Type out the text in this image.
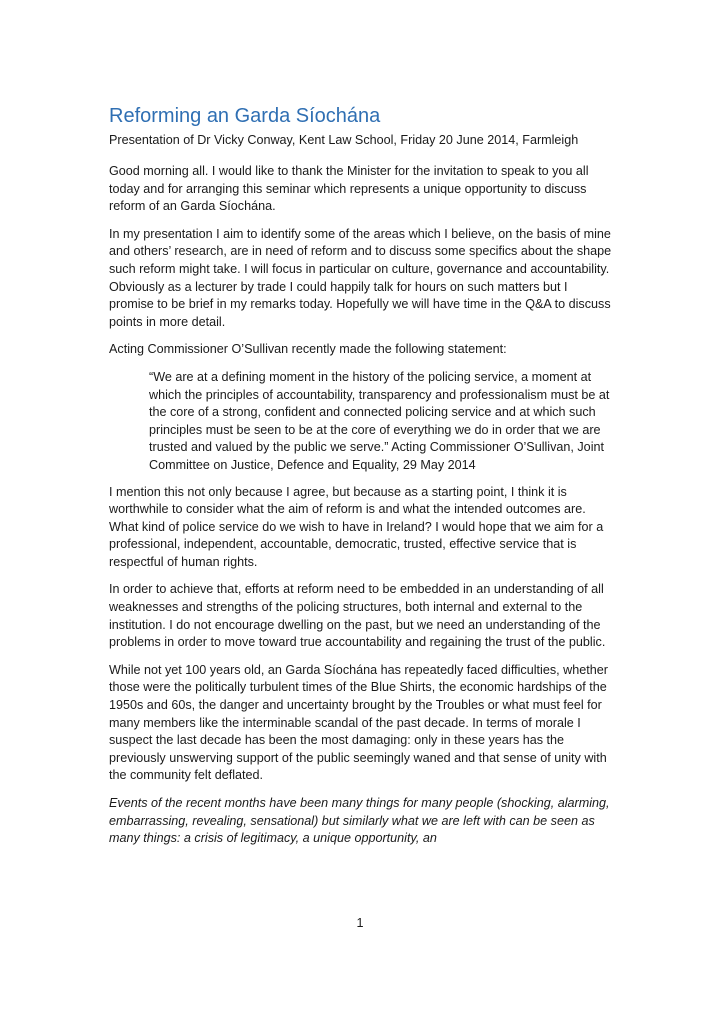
Reforming an Garda Síochána

Presentation of Dr Vicky Conway, Kent Law School, Friday 20 June 2014, Farmleigh

Good morning all. I would like to thank the Minister for the invitation to speak to you all today and for arranging this seminar which represents a unique opportunity to discuss reform of an Garda Síochána.

In my presentation I aim to identify some of the areas which I believe, on the basis of mine and others’ research, are in need of reform and to discuss some specifics about the shape such reform might take. I will focus in particular on culture, governance and accountability. Obviously as a lecturer by trade I could happily talk for hours on such matters but I promise to be brief in my remarks today. Hopefully we will have time in the Q&A to discuss points in more detail.

Acting Commissioner O’Sullivan recently made the following statement:

“We are at a defining moment in the history of the policing service, a moment at which the principles of accountability, transparency and professionalism must be at the core of a strong, confident and connected policing service and at which such principles must be seen to be at the core of everything we do in order that we are trusted and valued by the public we serve.” Acting Commissioner O’Sullivan, Joint Committee on Justice, Defence and Equality, 29 May 2014

I mention this not only because I agree, but because as a starting point, I think it is worthwhile to consider what the aim of reform is and what the intended outcomes are. What kind of police service do we wish to have in Ireland? I would hope that we aim for a professional, independent, accountable, democratic, trusted, effective service that is respectful of human rights.

In order to achieve that, efforts at reform need to be embedded in an understanding of all weaknesses and strengths of the policing structures, both internal and external to the institution. I do not encourage dwelling on the past, but we need an understanding of the problems in order to move toward true accountability and regaining the trust of the public.

While not yet 100 years old, an Garda Síochána has repeatedly faced difficulties, whether those were the politically turbulent times of the Blue Shirts, the economic hardships of the 1950s and 60s, the danger and uncertainty brought by the Troubles or what must feel for many members like the interminable scandal of the past decade. In terms of morale I suspect the last decade has been the most damaging: only in these years has the previously unswerving support of the public seemingly waned and that sense of unity with the community felt deflated.

Events of the recent months have been many things for many people (shocking, alarming, embarrassing, revealing, sensational) but similarly what we are left with can be seen as many things: a crisis of legitimacy, a unique opportunity, an

1
